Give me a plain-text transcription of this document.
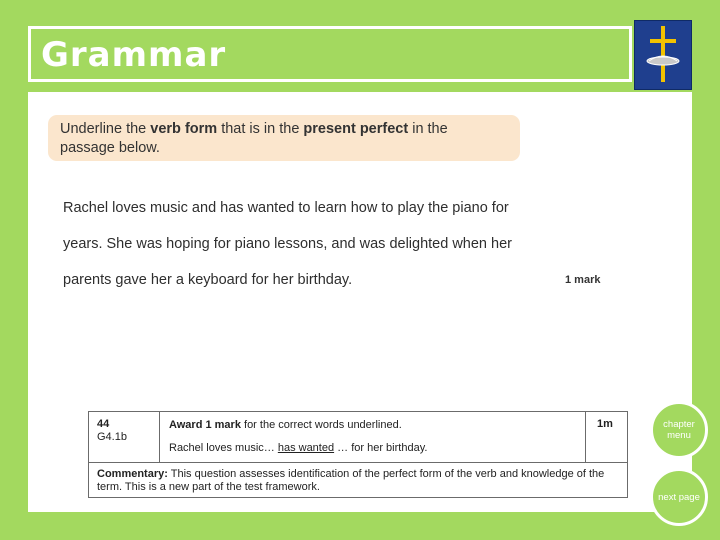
Grammar
Underline the verb form that is in the present perfect in the
passage below.
Rachel loves music and has wanted to learn how to play the piano for
years. She was hoping for piano lessons, and was delighted when her
parents gave her a keyboard for her birthday.	1 mark
44
G4.1b
Award 1 mark for the correct words underlined.
Rachel loves music… has wanted … for her birthday.
1m
Commentary: This question assesses identification of the perfect form of the verb and knowledge of the term. This is a new part of the test framework.
chapter menu
next page
